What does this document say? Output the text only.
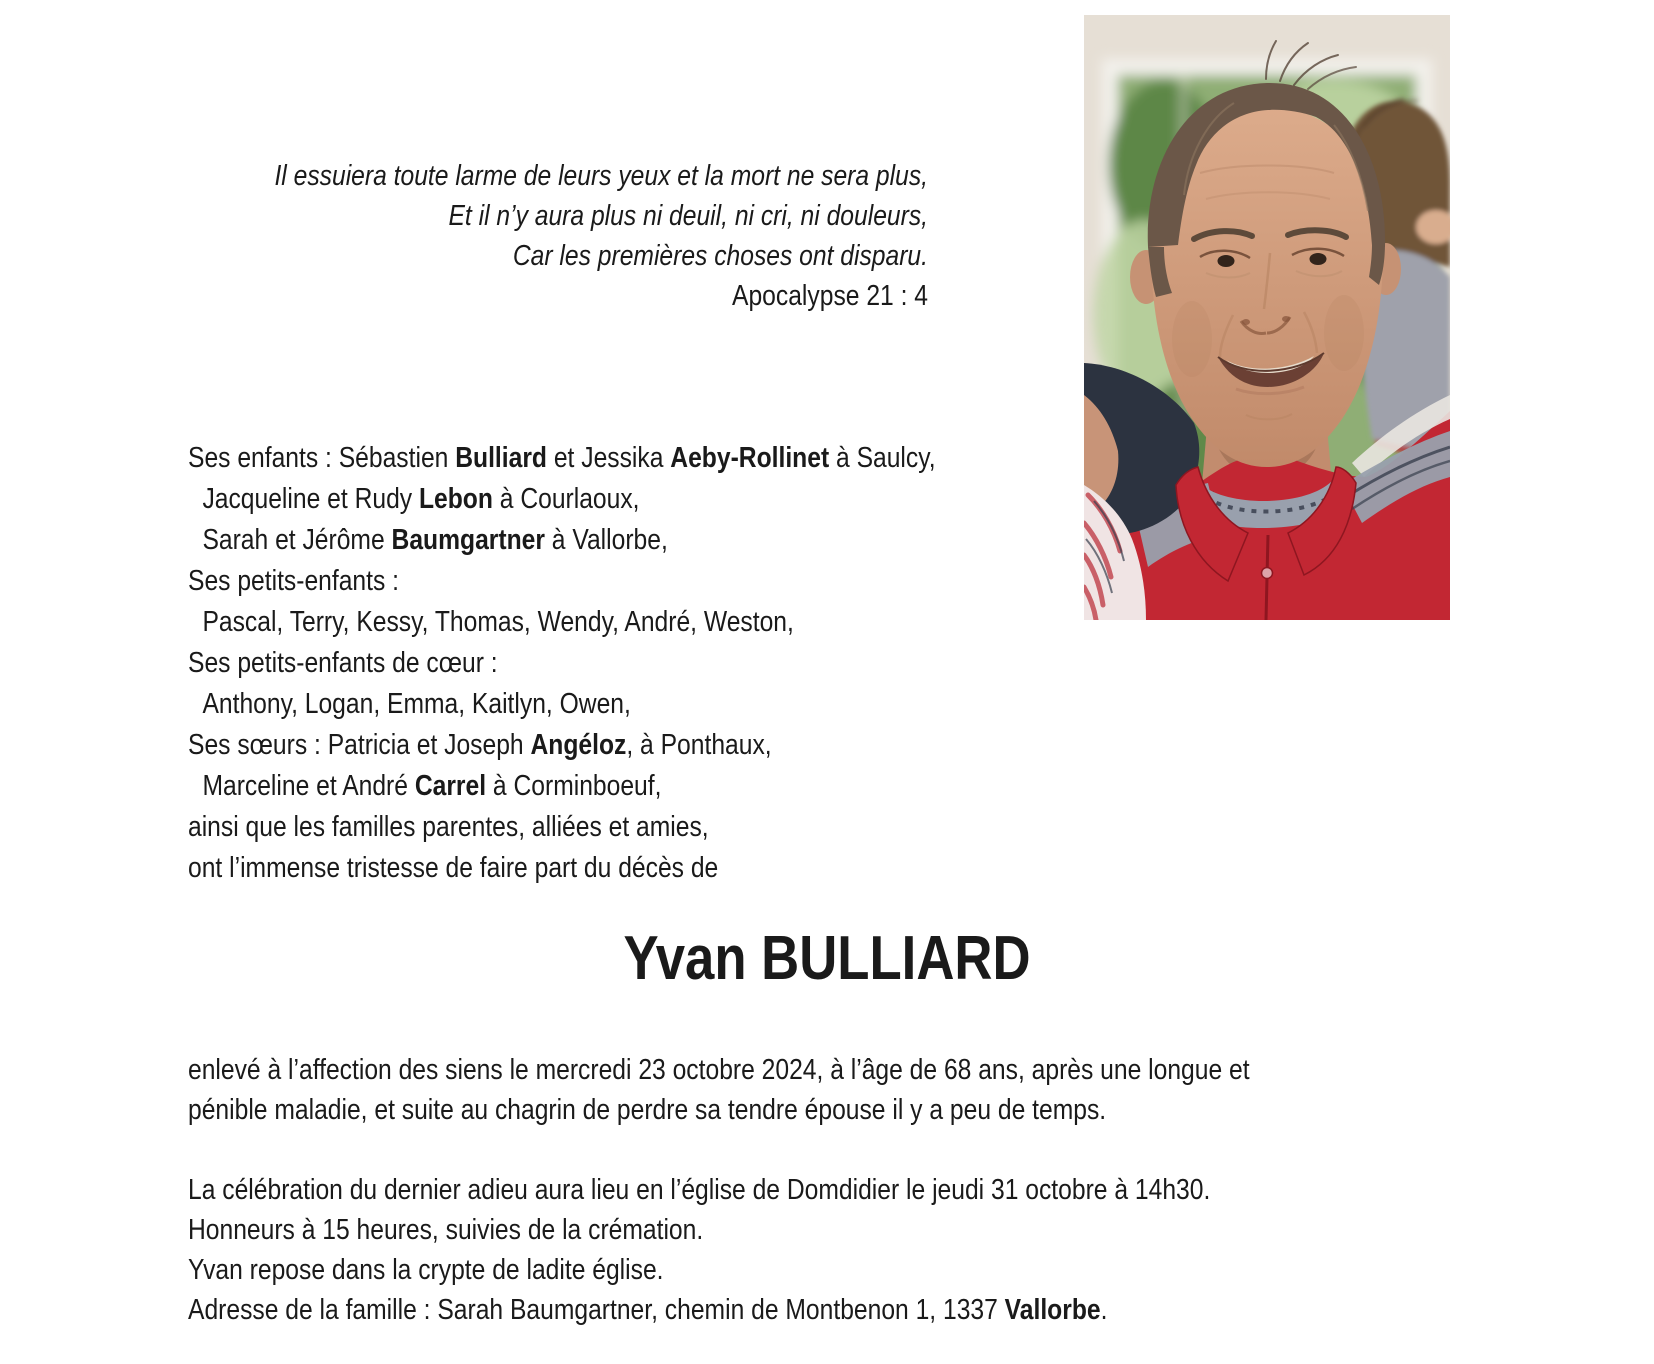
Il essuiera toute larme de leurs yeux et la mort ne sera plus,
Et il n’y aura plus ni deuil, ni cri, ni douleurs,
Car les premières choses ont disparu.
Apocalypse 21 : 4
Ses enfants : Sébastien Bulliard et Jessika Aeby-Rollinet à Saulcy,
Jacqueline et Rudy Lebon à Courlaoux,
Sarah et Jérôme Baumgartner à Vallorbe,
Ses petits-enfants :
Pascal, Terry, Kessy, Thomas, Wendy, André, Weston,
Ses petits-enfants de cœur :
Anthony, Logan, Emma, Kaitlyn, Owen,
Ses sœurs : Patricia et Joseph Angéloz, à Ponthaux,
Marceline et André Carrel à Corminboeuf,
ainsi que les familles parentes, alliées et amies,
ont l’immense tristesse de faire part du décès de
Yvan BULLIARD
enlevé à l’affection des siens le mercredi 23 octobre 2024, à l’âge de 68 ans, après une longue et
pénible maladie, et suite au chagrin de perdre sa tendre épouse il y a peu de temps.
La célébration du dernier adieu aura lieu en l’église de Domdidier le jeudi 31 octobre à 14h30.
Honneurs à 15 heures, suivies de la crémation.
Yvan repose dans la crypte de ladite église.
Adresse de la famille : Sarah Baumgartner, chemin de Montbenon 1, 1337 Vallorbe.
